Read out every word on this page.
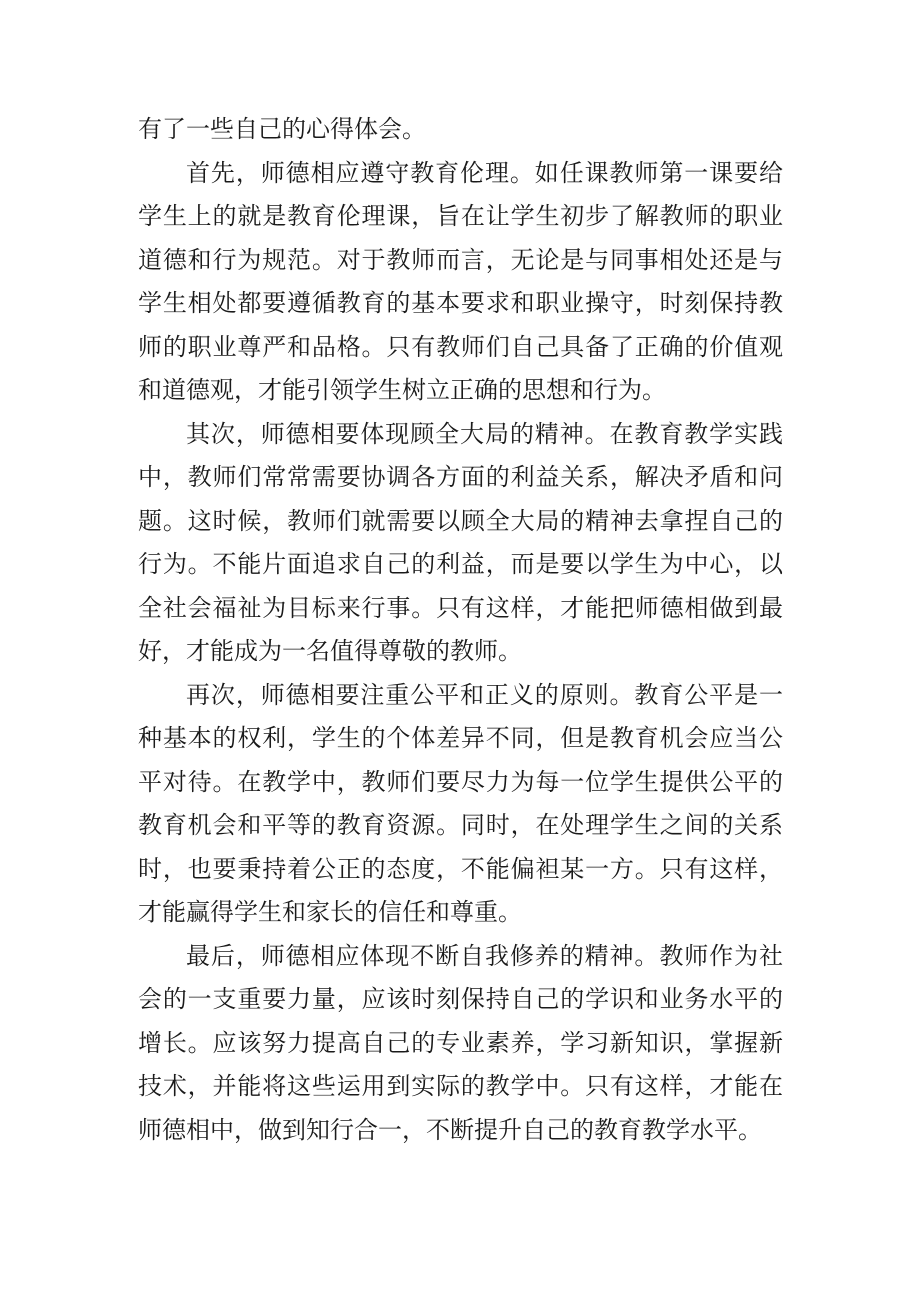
有了一些自己的心得体会。

首先，师德相应遵守教育伦理。如任课教师第一课要给学生上的就是教育伦理课，旨在让学生初步了解教师的职业道德和行为规范。对于教师而言，无论是与同事相处还是与学生相处都要遵循教育的基本要求和职业操守，时刻保持教师的职业尊严和品格。只有教师们自己具备了正确的价值观和道德观，才能引领学生树立正确的思想和行为。

其次，师德相要体现顾全大局的精神。在教育教学实践中，教师们常常需要协调各方面的利益关系，解决矛盾和问题。这时候，教师们就需要以顾全大局的精神去拿捏自己的行为。不能片面追求自己的利益，而是要以学生为中心，以全社会福祉为目标来行事。只有这样，才能把师德相做到最好，才能成为一名值得尊敬的教师。

再次，师德相要注重公平和正义的原则。教育公平是一种基本的权利，学生的个体差异不同，但是教育机会应当公平对待。在教学中，教师们要尽力为每一位学生提供公平的教育机会和平等的教育资源。同时，在处理学生之间的关系时，也要秉持着公正的态度，不能偏袒某一方。只有这样，才能赢得学生和家长的信任和尊重。

最后，师德相应体现不断自我修养的精神。教师作为社会的一支重要力量，应该时刻保持自己的学识和业务水平的增长。应该努力提高自己的专业素养，学习新知识，掌握新技术，并能将这些运用到实际的教学中。只有这样，才能在师德相中，做到知行合一，不断提升自己的教育教学水平。
